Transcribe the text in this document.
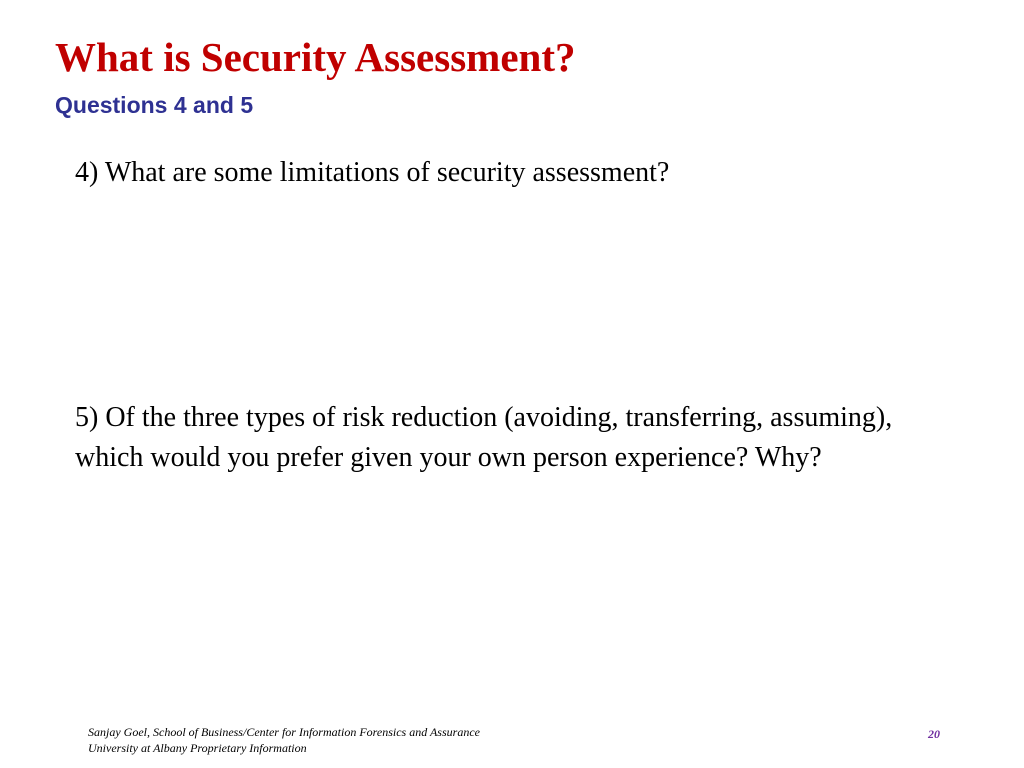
What is Security Assessment?
Questions 4 and 5

4) What are some limitations of security assessment?

5) Of the three types of risk reduction (avoiding, transferring, assuming), which would you prefer given your own person experience? Why?

Sanjay Goel, School of Business/Center for Information Forensics and Assurance
University at Albany Proprietary Information
20
